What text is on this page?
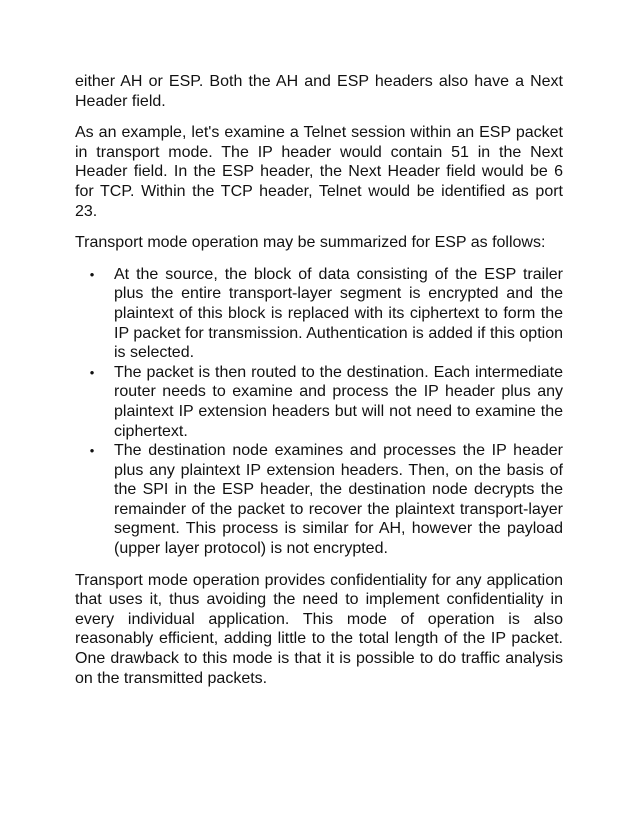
either AH or ESP. Both the AH and ESP headers also have a Next Header field.

As an example, let's examine a Telnet session within an ESP packet in transport mode. The IP header would contain 51 in the Next Header field. In the ESP header, the Next Header field would be 6 for TCP. Within the TCP header, Telnet would be identified as port 23.

Transport mode operation may be summarized for ESP as follows:

• At the source, the block of data consisting of the ESP trailer plus the entire transport-layer segment is encrypted and the plaintext of this block is replaced with its ciphertext to form the IP packet for transmission. Authentication is added if this option is selected.
• The packet is then routed to the destination. Each intermediate router needs to examine and process the IP header plus any plaintext IP extension headers but will not need to examine the ciphertext.
• The destination node examines and processes the IP header plus any plaintext IP extension headers. Then, on the basis of the SPI in the ESP header, the destination node decrypts the remainder of the packet to recover the plaintext transport-layer segment. This process is similar for AH, however the payload (upper layer protocol) is not encrypted.

Transport mode operation provides confidentiality for any application that uses it, thus avoiding the need to implement confidentiality in every individual application. This mode of operation is also reasonably efficient, adding little to the total length of the IP packet. One drawback to this mode is that it is possible to do traffic analysis on the transmitted packets.
